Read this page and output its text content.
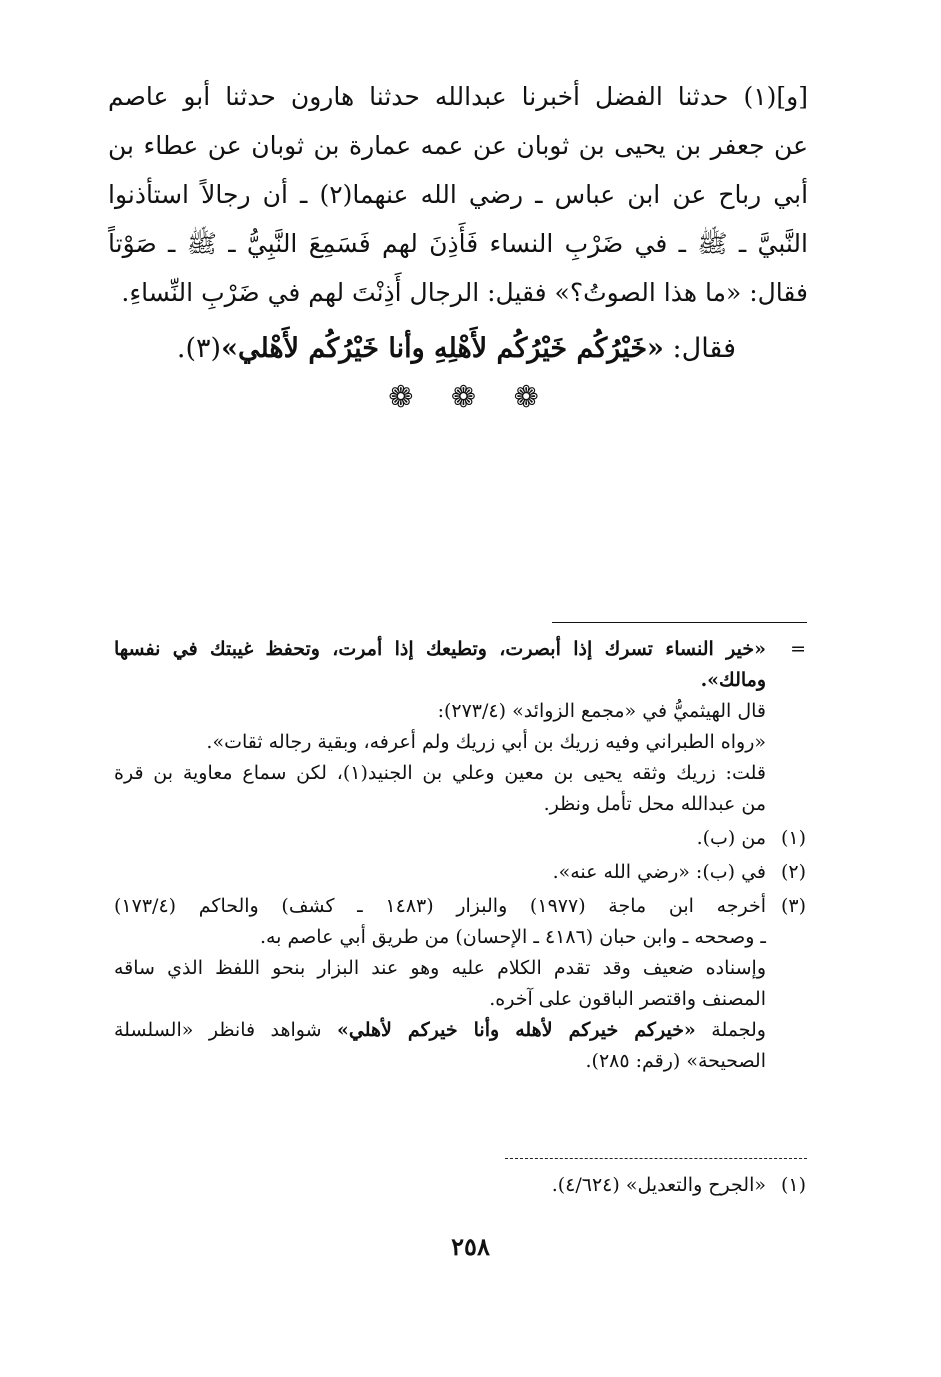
[و](١) حدثنا الفضل أخبرنا عبدالله حدثنا هارون حدثنا أبو عاصم
عن جعفر بن يحيى بن ثوبان عن عمه عمارة بن ثوبان عن عطاء بن
أبي رباح عن ابن عباس ـ رضي الله عنهما(٢) ـ أن رجالاً استأذنوا
النَّبيَّ ـ ﷺ ـ في ضَرْبِ النساء فَأَذِنَ لهم فَسَمِعَ النَّبِيُّ ـ ﷺ ـ صَوْتاً
فقال: «ما هذا الصوتُ؟» فقيل: الرجال أَذِنْتَ لهم في ضَرْبِ النِّساءِ.
فقال: «خَيْرُكُم خَيْرُكُم لأَهْلِهِ وأنا خَيْرُكُم لأَهْلي»(٣).
❁ ❁ ❁
=
«خير النساء تسرك إذا أبصرت، وتطيعك إذا أمرت، وتحفظ غيبتك في نفسها
ومالك».
قال الهيثميُّ في «مجمع الزوائد» (٢٧٣/٤):
«رواه الطبراني وفيه زريك بن أبي زريك ولم أعرفه، وبقية رجاله ثقات».
قلت: زريك وثقه يحيى بن معين وعلي بن الجنيد(١)، لكن سماع معاوية بن قرة
من عبدالله محل تأمل ونظر.
(١)
من (ب).
(٢)
في (ب): «رضي الله عنه».
(٣)
أخرجه ابن ماجة (١٩٧٧) والبزار (١٤٨٣ ـ كشف) والحاكم (١٧٣/٤)
ـ وصححه ـ وابن حبان (٤١٨٦ ـ الإحسان) من طريق أبي عاصم به.
وإسناده ضعيف وقد تقدم الكلام عليه وهو عند البزار بنحو اللفظ الذي ساقه
المصنف واقتصر الباقون على آخره.
ولجملة «خيركم خيركم لأهله وأنا خيركم لأهلي» شواهد فانظر «السلسلة
الصحيحة» (رقم: ٢٨٥).
(١)
«الجرح والتعديل» (٤/٦٢٤).
٢٥٨
